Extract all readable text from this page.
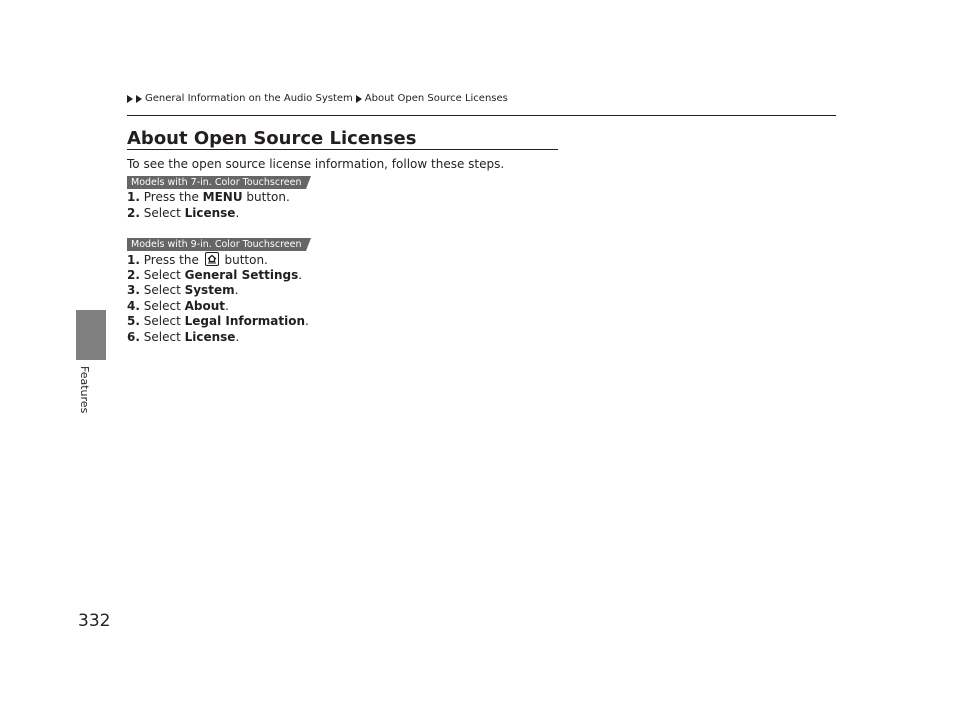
Features
General Information on the Audio System About Open Source Licenses
About Open Source Licenses
To see the open source license information, follow these steps.
Models with 7-in. Color Touchscreen
1. Press the MENU button.
2. Select License.
Models with 9-in. Color Touchscreen
1. Press the
button.
2. Select General Settings.
3. Select System.
4. Select About.
5. Select Legal Information.
6. Select License.
332
